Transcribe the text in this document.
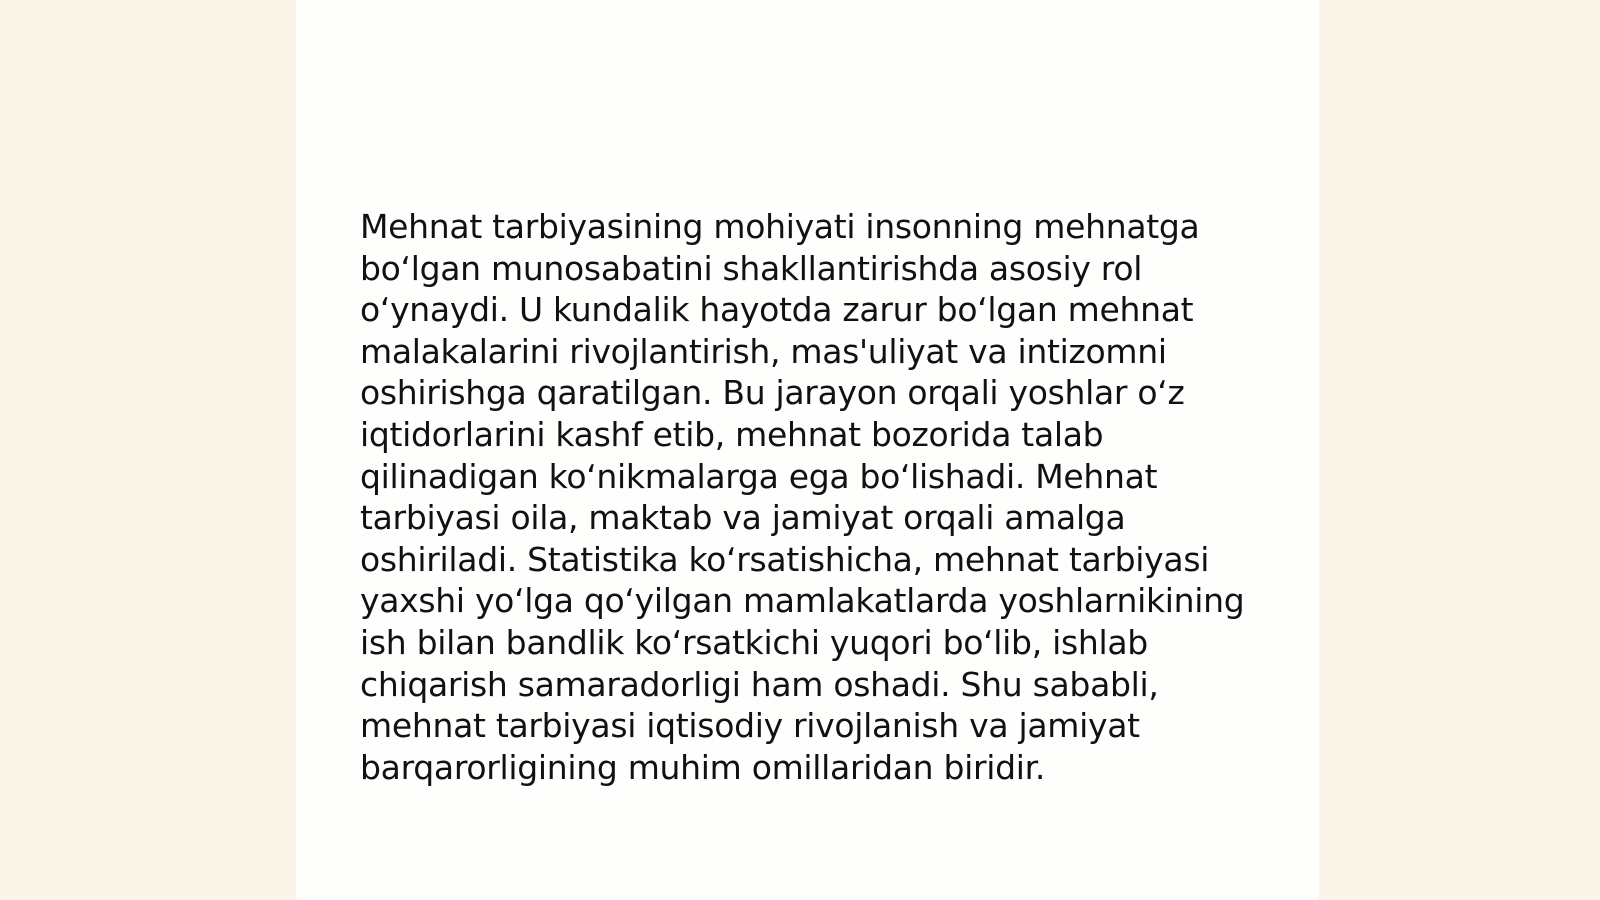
Mehnat tarbiyasining mohiyati insonning mehnatga
boʻlgan munosabatini shakllantirishda asosiy rol
oʻynaydi. U kundalik hayotda zarur boʻlgan mehnat
malakalarini rivojlantirish, mas'uliyat va intizomni
oshirishga qaratilgan. Bu jarayon orqali yoshlar oʻz
iqtidorlarini kashf etib, mehnat bozorida talab
qilinadigan koʻnikmalarga ega boʻlishadi. Mehnat
tarbiyasi oila, maktab va jamiyat orqali amalga
oshiriladi. Statistika koʻrsatishicha, mehnat tarbiyasi
yaxshi yoʻlga qoʻyilgan mamlakatlarda yoshlarnikining
ish bilan bandlik koʻrsatkichi yuqori boʻlib, ishlab
chiqarish samaradorligi ham oshadi. Shu sababli,
mehnat tarbiyasi iqtisodiy rivojlanish va jamiyat
barqarorligining muhim omillaridan biridir.
